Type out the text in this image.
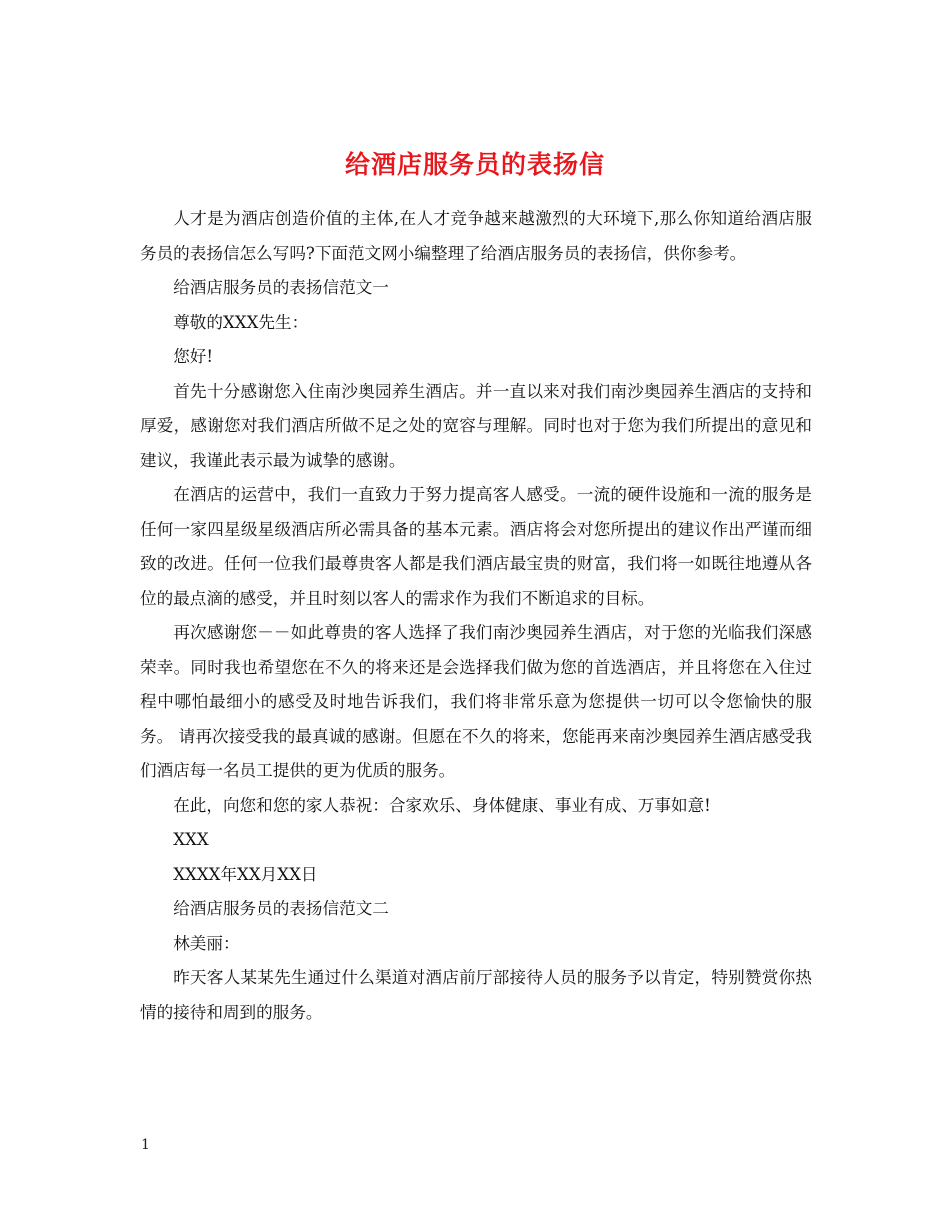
给酒店服务员的表扬信

人才是为酒店创造价值的主体,在人才竞争越来越激烈的大环境下,那么你知道给酒店服务员的表扬信怎么写吗?下面范文网小编整理了给酒店服务员的表扬信，供你参考。

给酒店服务员的表扬信范文一

尊敬的XXX先生：

您好!

首先十分感谢您入住南沙奥园养生酒店。并一直以来对我们南沙奥园养生酒店的支持和厚爱，感谢您对我们酒店所做不足之处的宽容与理解。同时也对于您为我们所提出的意见和建议，我谨此表示最为诚挚的感谢。

在酒店的运营中，我们一直致力于努力提高客人感受。一流的硬件设施和一流的服务是任何一家四星级星级酒店所必需具备的基本元素。酒店将会对您所提出的建议作出严谨而细致的改进。任何一位我们最尊贵客人都是我们酒店最宝贵的财富，我们将一如既往地遵从各位的最点滴的感受，并且时刻以客人的需求作为我们不断追求的目标。

再次感谢您－－如此尊贵的客人选择了我们南沙奥园养生酒店，对于您的光临我们深感荣幸。同时我也希望您在不久的将来还是会选择我们做为您的首选酒店，并且将您在入住过程中哪怕最细小的感受及时地告诉我们，我们将非常乐意为您提供一切可以令您愉快的服务。 请再次接受我的最真诚的感谢。但愿在不久的将来，您能再来南沙奥园养生酒店感受我们酒店每一名员工提供的更为优质的服务。

在此，向您和您的家人恭祝：合家欢乐、身体健康、事业有成、万事如意!

XXX

XXXX年XX月XX日

给酒店服务员的表扬信范文二

林美丽：

昨天客人某某先生通过什么渠道对酒店前厅部接待人员的服务予以肯定，特别赞赏你热情的接待和周到的服务。

1
